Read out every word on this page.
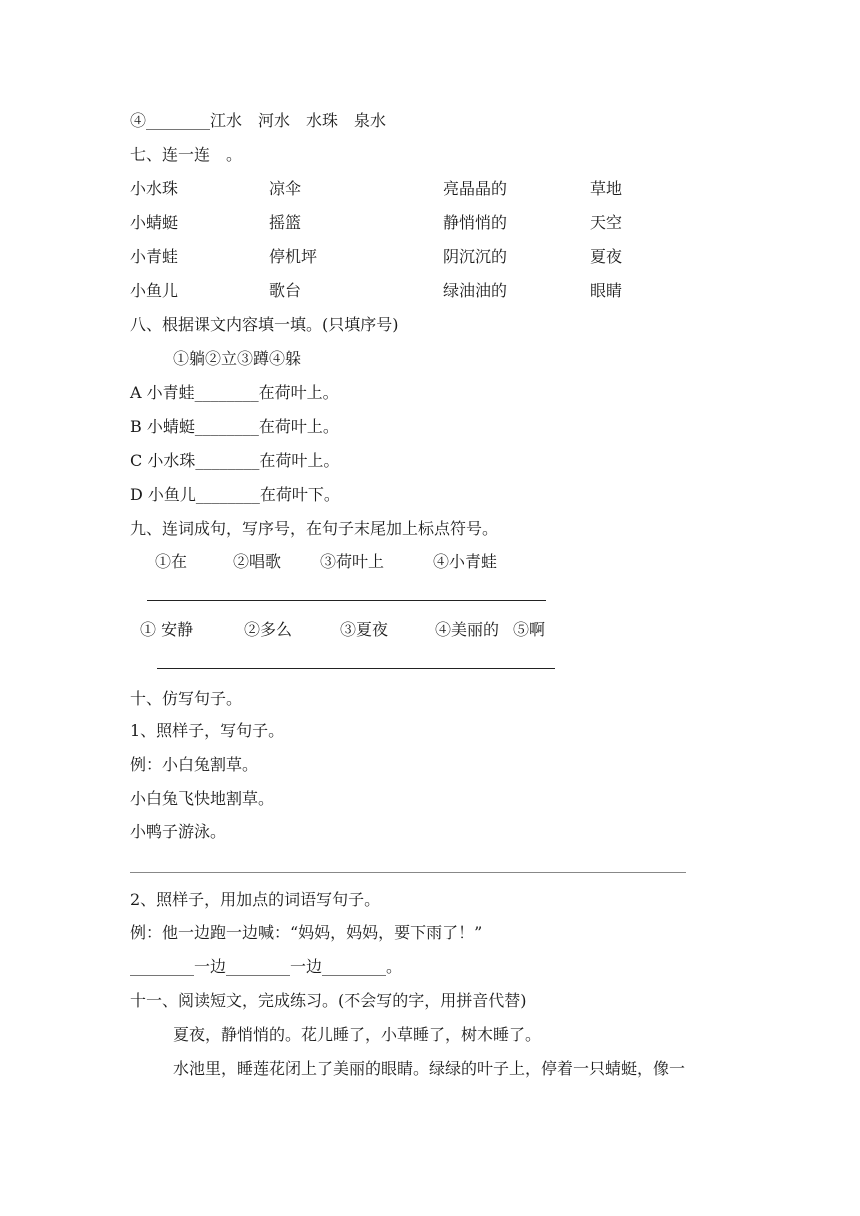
④________江水　河水　水珠　泉水
七、连一连　。
小水珠	凉伞	亮晶晶的	草地
小蜻蜓	摇篮	静悄悄的	天空
小青蛙	停机坪	阴沉沉的	夏夜
小鱼儿	歌台	绿油油的	眼睛
八、根据课文内容填一填。(只填序号)
①躺②立③蹲④躲
A 小青蛙________在荷叶上。
B 小蜻蜓________在荷叶上。
C 小水珠________在荷叶上。
D 小鱼儿________在荷叶下。
九、连词成句，写序号，在句子末尾加上标点符号。
①在	②唱歌 ③荷叶上	④小青蛙
① 安静	②多么	③夏夜	④美丽的 ⑤啊
十、仿写句子。
1、照样子，写句子。
例：小白兔割草。
小白兔飞快地割草。
小鸭子游泳。
2、照样子，用加点的词语写句子。
例：他一边跑一边喊：“妈妈，妈妈，要下雨了！”
________一边________一边________。
十一、阅读短文，完成练习。(不会写的字，用拼音代替)
夏夜，静悄悄的。花儿睡了，小草睡了，树木睡了。
水池里，睡莲花闭上了美丽的眼睛。绿绿的叶子上，停着一只蜻蜓，像一
